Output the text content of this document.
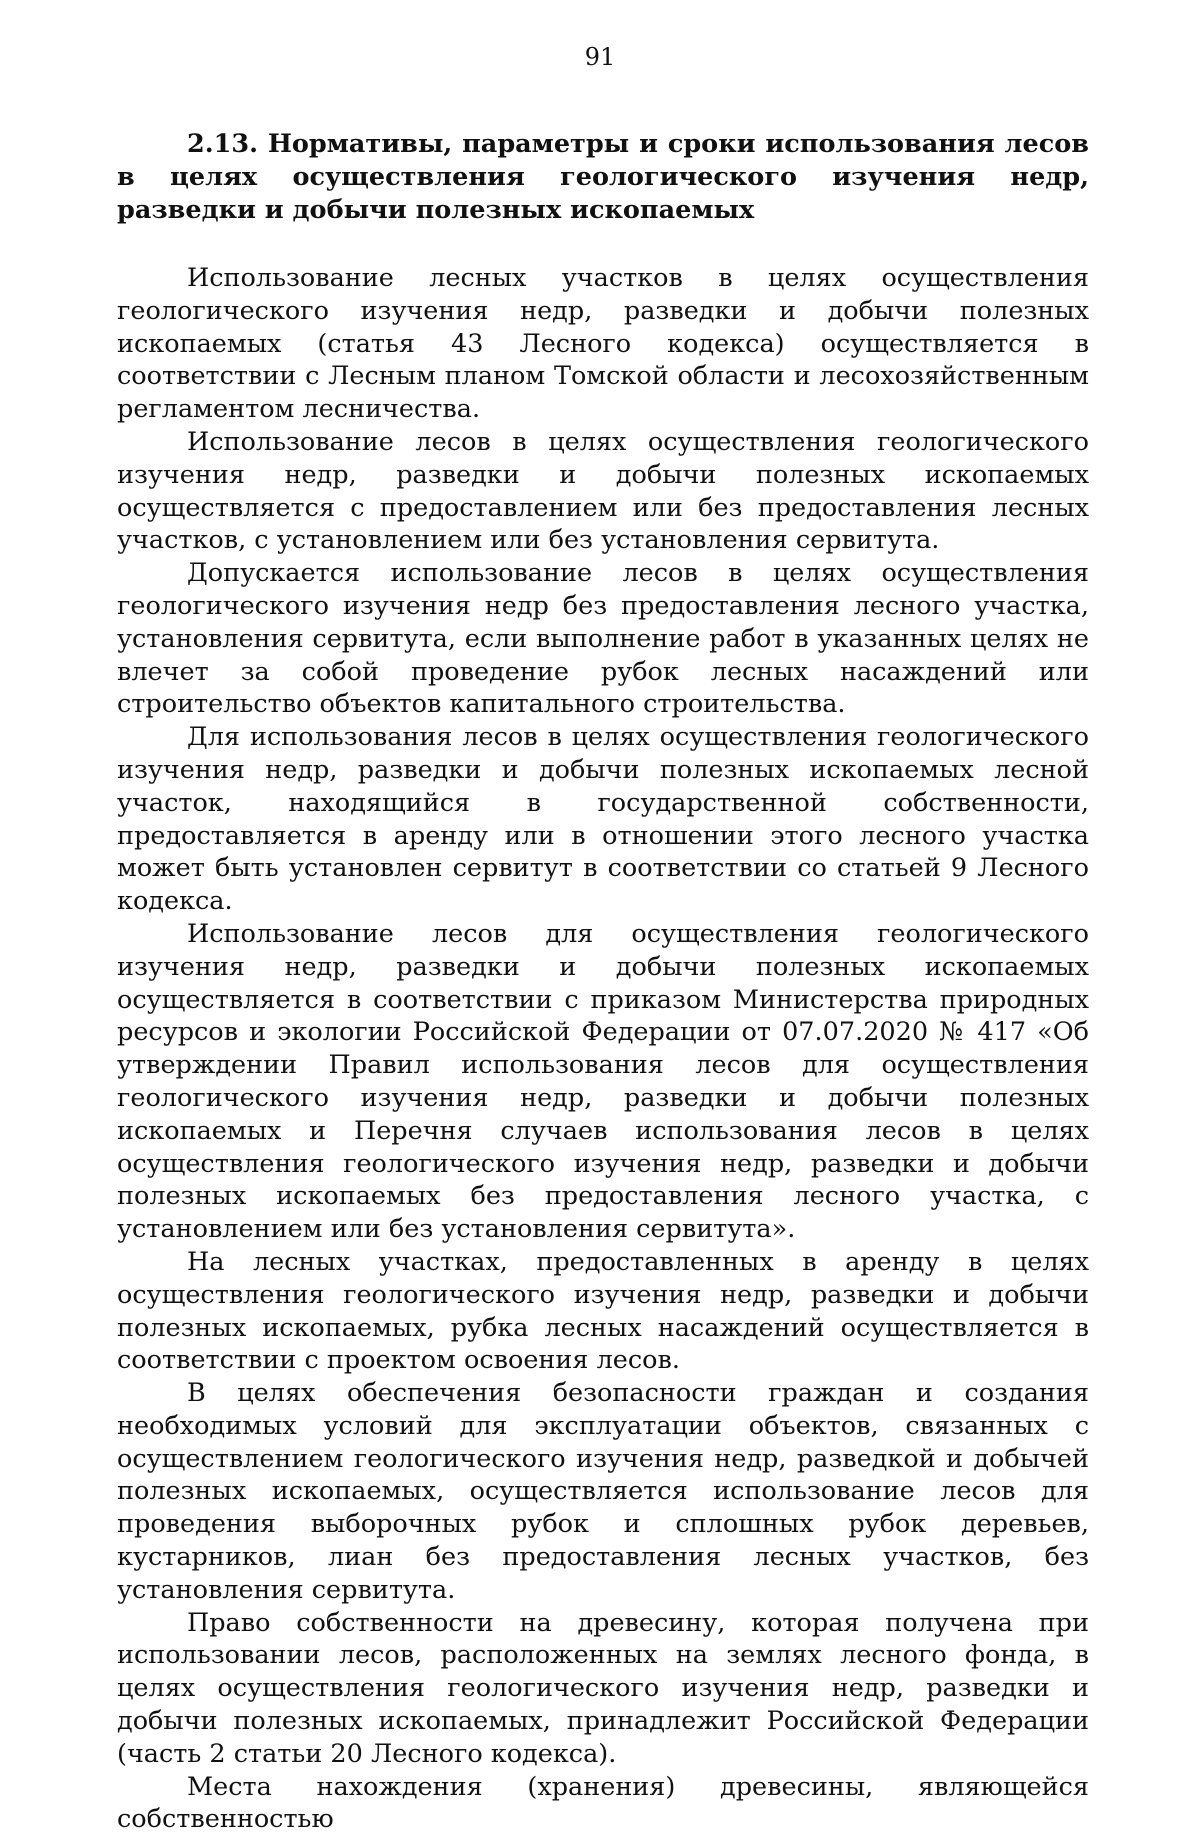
91
2.13. Нормативы, параметры и сроки использования лесов в целях осуществления геологического изучения недр, разведки и добычи полезных ископаемых

Использование лесных участков в целях осуществления геологического изучения недр, разведки и добычи полезных ископаемых (статья 43 Лесного кодекса) осуществляется в соответствии с Лесным планом Томской области и лесохозяйственным регламентом лесничества.

Использование лесов в целях осуществления геологического изучения недр, разведки и добычи полезных ископаемых осуществляется с предоставлением или без предоставления лесных участков, с установлением или без установления сервитута.

Допускается использование лесов в целях осуществления геологического изучения недр без предоставления лесного участка, установления сервитута, если выполнение работ в указанных целях не влечет за собой проведение рубок лесных насаждений или строительство объектов капитального строительства.

Для использования лесов в целях осуществления геологического изучения недр, разведки и добычи полезных ископаемых лесной участок, находящийся в государственной собственности, предоставляется в аренду или в отношении этого лесного участка может быть установлен сервитут в соответствии со статьей 9 Лесного кодекса.

Использование лесов для осуществления геологического изучения недр, разведки и добычи полезных ископаемых осуществляется в соответствии с приказом Министерства природных ресурсов и экологии Российской Федерации от 07.07.2020 № 417 «Об утверждении Правил использования лесов для осуществления геологического изучения недр, разведки и добычи полезных ископаемых и Перечня случаев использования лесов в целях осуществления геологического изучения недр, разведки и добычи полезных ископаемых без предоставления лесного участка, с установлением или без установления сервитута».

На лесных участках, предоставленных в аренду в целях осуществления геологического изучения недр, разведки и добычи полезных ископаемых, рубка лесных насаждений осуществляется в соответствии с проектом освоения лесов.

В целях обеспечения безопасности граждан и создания необходимых условий для эксплуатации объектов, связанных с осуществлением геологического изучения недр, разведкой и добычей полезных ископаемых, осуществляется использование лесов для проведения выборочных рубок и сплошных рубок деревьев, кустарников, лиан без предоставления лесных участков, без установления сервитута.

Право собственности на древесину, которая получена при использовании лесов, расположенных на землях лесного фонда, в целях осуществления геологического изучения недр, разведки и добычи полезных ископаемых, принадлежит Российской Федерации (часть 2 статьи 20 Лесного кодекса).

Места нахождения (хранения) древесины, являющейся собственностью
